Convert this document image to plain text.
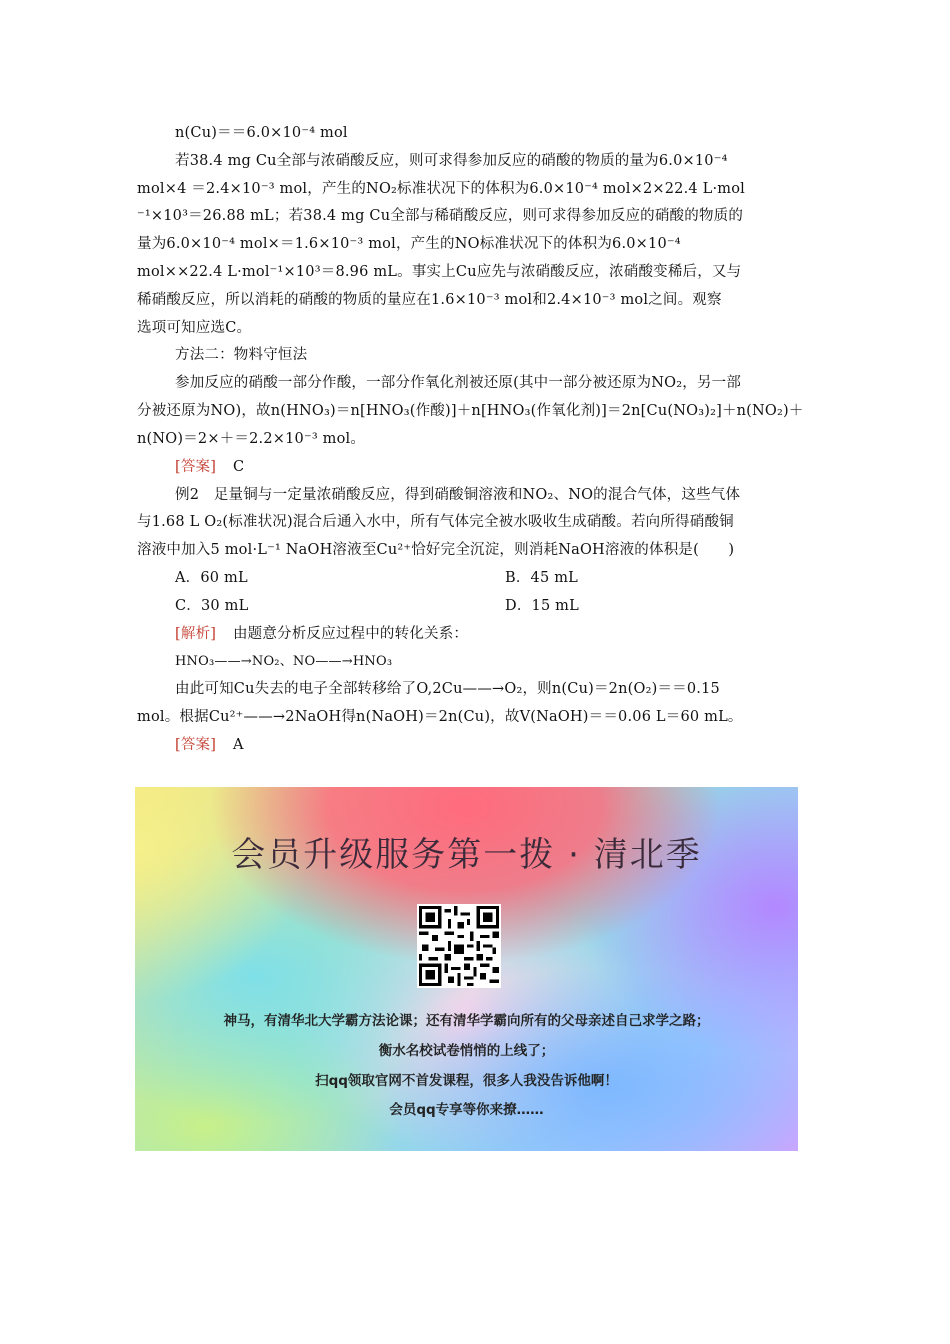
n(Cu)＝＝6.0×10⁻⁴ mol
若38.4 mg Cu全部与浓硝酸反应，则可求得参加反应的硝酸的物质的量为6.0×10⁻⁴
mol×4 ＝2.4×10⁻³ mol，产生的NO₂标准状况下的体积为6.0×10⁻⁴ mol×2×22.4 L·mol
⁻¹×10³＝26.88 mL；若38.4 mg Cu全部与稀硝酸反应，则可求得参加反应的硝酸的物质的
量为6.0×10⁻⁴ mol×＝1.6×10⁻³ mol，产生的NO标准状况下的体积为6.0×10⁻⁴
mol××22.4 L·mol⁻¹×10³＝8.96 mL。事实上Cu应先与浓硝酸反应，浓硝酸变稀后，又与
稀硝酸反应，所以消耗的硝酸的物质的量应在1.6×10⁻³ mol和2.4×10⁻³ mol之间。观察
选项可知应选C。
方法二：物料守恒法
参加反应的硝酸一部分作酸，一部分作氧化剂被还原(其中一部分被还原为NO₂，另一部
分被还原为NO)，故n(HNO₃)＝n[HNO₃(作酸)]＋n[HNO₃(作氧化剂)]＝2n[Cu(NO₃)₂]＋n(NO₂)＋
n(NO)＝2×＋＝2.2×10⁻³ mol。
[答案] C
例2　足量铜与一定量浓硝酸反应，得到硝酸铜溶液和NO₂、NO的混合气体，这些气体
与1.68 L O₂(标准状况)混合后通入水中，所有气体完全被水吸收生成硝酸。若向所得硝酸铜
溶液中加入5 mol·L⁻¹ NaOH溶液至Cu²⁺恰好完全沉淀，则消耗NaOH溶液的体积是(　　)
A．60 mL	B．45 mL
C．30 mL	D．15 mL
[解析] 由题意分析反应过程中的转化关系：
HNO₃——→NO₂、NO——→HNO₃
由此可知Cu失去的电子全部转移给了O,2Cu——→O₂，则n(Cu)＝2n(O₂)＝＝0.15
mol。根据Cu²⁺——→2NaOH得n(NaOH)＝2n(Cu)，故V(NaOH)＝＝0.06 L＝60 mL。
[答案] A
会员升级服务第一拨 · 清北季
神马，有清华北大学霸方法论课；还有清华学霸向所有的父母亲述自己求学之路；
衡水名校试卷悄悄的上线了；
扫qq领取官网不首发课程，很多人我没告诉他啊！
会员qq专享等你来撩……
